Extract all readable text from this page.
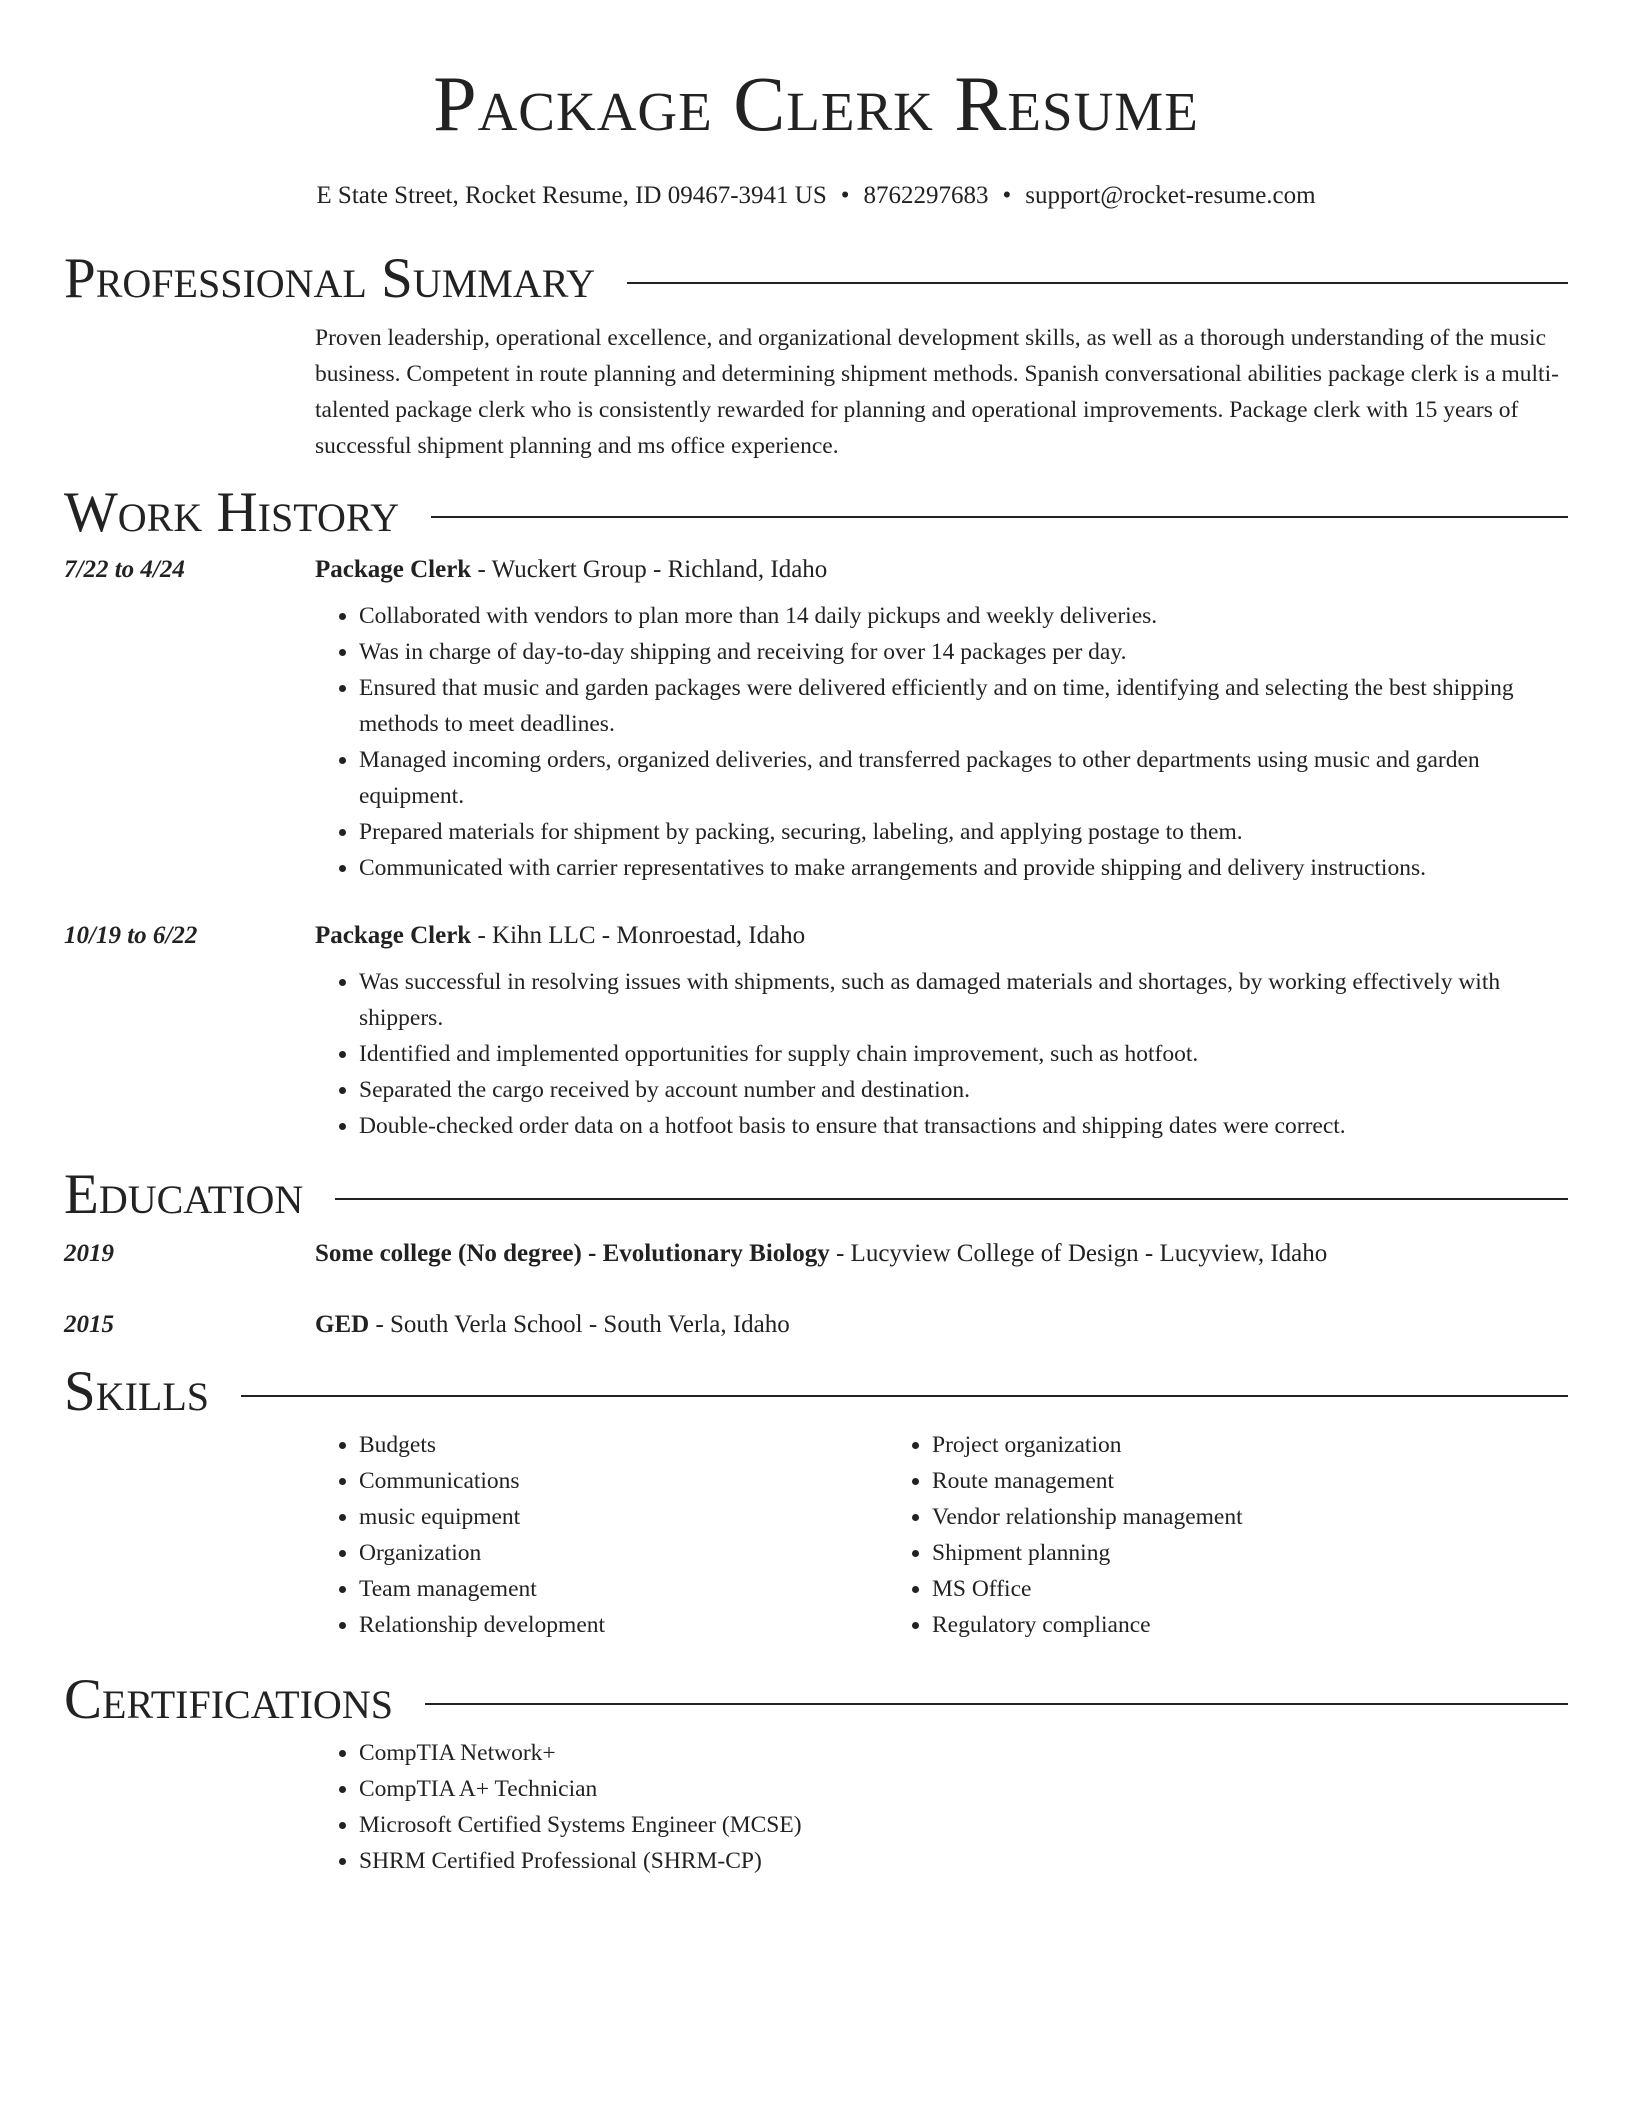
Package Clerk Resume
E State Street, Rocket Resume, ID 09467-3941 US • 8762297683 • support@rocket-resume.com
Professional Summary
Proven leadership, operational excellence, and organizational development skills, as well as a thorough understanding of the music business. Competent in route planning and determining shipment methods. Spanish conversational abilities package clerk is a multi-talented package clerk who is consistently rewarded for planning and operational improvements. Package clerk with 15 years of successful shipment planning and ms office experience.
Work History
7/22 to 4/24	Package Clerk - Wuckert Group - Richland, Idaho
• Collaborated with vendors to plan more than 14 daily pickups and weekly deliveries.
• Was in charge of day-to-day shipping and receiving for over 14 packages per day.
• Ensured that music and garden packages were delivered efficiently and on time, identifying and selecting the best shipping methods to meet deadlines.
• Managed incoming orders, organized deliveries, and transferred packages to other departments using music and garden equipment.
• Prepared materials for shipment by packing, securing, labeling, and applying postage to them.
• Communicated with carrier representatives to make arrangements and provide shipping and delivery instructions.
10/19 to 6/22	Package Clerk - Kihn LLC - Monroestad, Idaho
• Was successful in resolving issues with shipments, such as damaged materials and shortages, by working effectively with shippers.
• Identified and implemented opportunities for supply chain improvement, such as hotfoot.
• Separated the cargo received by account number and destination.
• Double-checked order data on a hotfoot basis to ensure that transactions and shipping dates were correct.
Education
2019	Some college (No degree) - Evolutionary Biology - Lucyview College of Design - Lucyview, Idaho
2015	GED - South Verla School - South Verla, Idaho
Skills
• Budgets
• Communications
• music equipment
• Organization
• Team management
• Relationship development
• Project organization
• Route management
• Vendor relationship management
• Shipment planning
• MS Office
• Regulatory compliance
Certifications
• CompTIA Network+
• CompTIA A+ Technician
• Microsoft Certified Systems Engineer (MCSE)
• SHRM Certified Professional (SHRM-CP)
